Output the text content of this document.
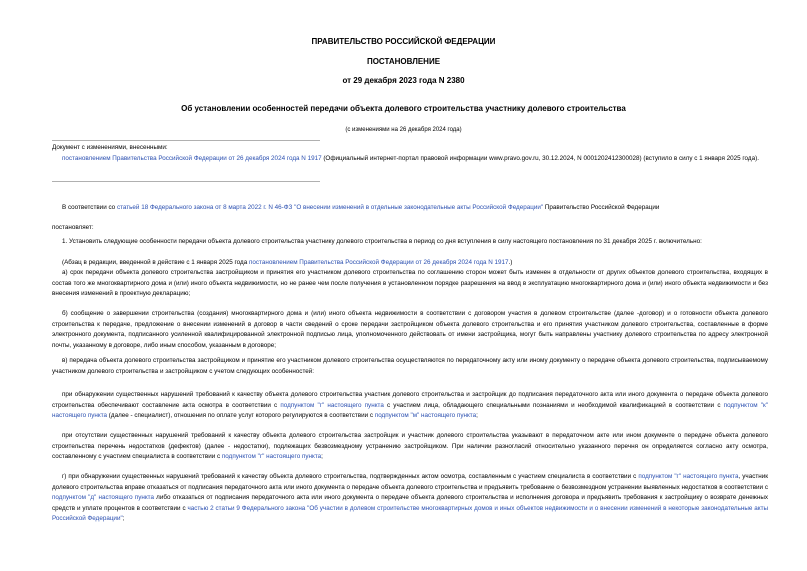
ПРАВИТЕЛЬСТВО РОССИЙСКОЙ ФЕДЕРАЦИИ
ПОСТАНОВЛЕНИЕ
от 29 декабря 2023 года N 2380
Об установлении особенностей передачи объекта долевого строительства участнику долевого строительства
(с изменениями на 26 декабря 2024 года)
Документ с изменениями, внесенными:
постановлением Правительства Российской Федерации от 26 декабря 2024 года N 1917 (Официальный интернет-портал правовой информации www.pravo.gov.ru, 30.12.2024, N 0001202412300028) (вступило в силу с 1 января 2025 года).
В соответствии со статьей 18 Федерального закона от 8 марта 2022 г. N 46-ФЗ "О внесении изменений в отдельные законодательные акты Российской Федерации" Правительство Российской Федерации
постановляет:
1. Установить следующие особенности передачи объекта долевого строительства участнику долевого строительства в период со дня вступления в силу настоящего постановления по 31 декабря 2025 г. включительно:
(Абзац в редакции, введенной в действие с 1 января 2025 года постановлением Правительства Российской Федерации от 26 декабря 2024 года N 1917.)
а) срок передачи объекта долевого строительства застройщиком и принятия его участником долевого строительства по соглашению сторон может быть изменен в отдельности от других объектов долевого строительства, входящих в состав того же многоквартирного дома и (или) иного объекта недвижимости, но не ранее чем после получения в установленном порядке разрешения на ввод в эксплуатацию многоквартирного дома и (или) иного объекта недвижимости и без внесения изменений в проектную декларацию;
б) сообщение о завершении строительства (создания) многоквартирного дома и (или) иного объекта недвижимости в соответствии с договором участия в долевом строительстве (далее -договор) и о готовности объекта долевого строительства к передаче, предложение о внесении изменений в договор в части сведений о сроке передачи застройщиком объекта долевого строительства и его принятия участником долевого строительства, составленные в форме электронного документа, подписанного усиленной квалифицированной электронной подписью лица, уполномоченного действовать от имени застройщика, могут быть направлены участнику долевого строительства по адресу электронной почты, указанному в договоре, либо иным способом, указанным в договоре;
в) передача объекта долевого строительства застройщиком и принятие его участником долевого строительства осуществляются по передаточному акту или иному документу о передаче объекта долевого строительства, подписываемому участником долевого строительства и застройщиком с учетом следующих особенностей:
при обнаружении существенных нарушений требований к качеству объекта долевого строительства участник долевого строительства и застройщик до подписания передаточного акта или иного документа о передаче объекта долевого строительства обеспечивают составление акта осмотра в соответствии с подпунктом "г" настоящего пункта с участием лица, обладающего специальными познаниями и необходимой квалификацией в соответствии с подпунктом "к" настоящего пункта (далее - специалист), отношения по оплате услуг которого регулируются в соответствии с подпунктом "м" настоящего пункта;
при отсутствии существенных нарушений требований к качеству объекта долевого строительства застройщик и участник долевого строительства указывают в передаточном акте или ином документе о передаче объекта долевого строительства перечень недостатков (дефектов) (далее - недостатки), подлежащих безвозмездному устранению застройщиком. При наличии разногласий относительно указанного перечня он определяется согласно акту осмотра, составленному с участием специалиста в соответствии с подпунктом "г" настоящего пункта;
г) при обнаружении существенных нарушений требований к качеству объекта долевого строительства, подтвержденных актом осмотра, составленным с участием специалиста в соответствии с подпунктом "г" настоящего пункта, участник долевого строительства вправе отказаться от подписания передаточного акта или иного документа о передаче объекта долевого строительства и предъявить требование о безвозмездном устранении выявленных недостатков в соответствии с подпунктом "д" настоящего пункта либо отказаться от подписания передаточного акта или иного документа о передаче объекта долевого строительства и исполнения договора и предъявить требования к застройщику о возврате денежных средств и уплате процентов в соответствии с частью 2 статьи 9 Федерального закона "Об участии в долевом строительстве многоквартирных домов и иных объектов недвижимости и о внесении изменений в некоторые законодательные акты Российской Федерации";
